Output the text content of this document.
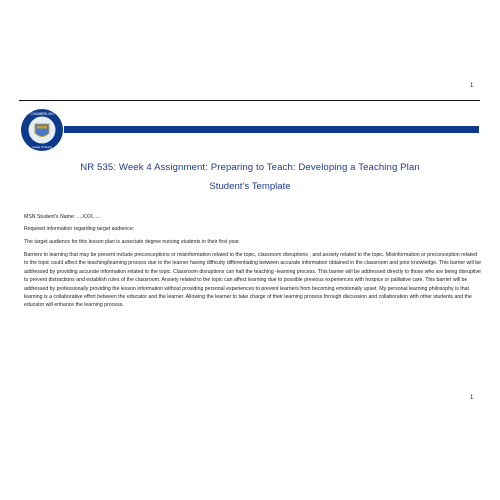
1
CHAMBERLAIN
College of Nursing
NR 535: Week 4 Assignment: Preparing to Teach: Developing a Teaching Plan
Student’s Template
MSN Student’s Name: ....XXX.....
Required information regarding target audience:
The target audience for this lesson plan is associate degree nursing students in their first year.
Barriers to learning that may be present include preconceptions or misinformation related to the topic, classroom disruptions , and anxiety related to the topic. Misinformation or preconception related to the topic could affect the teaching/learning process due to the learner having difficulty differentiating between accurate information obtained in the classroom and prior knowledge. This barrier will be addressed by providing accurate information related to the topic. Classroom disruptions can halt the teaching -learning process. This barrier will be addressed directly to those who are being disruptive to prevent distractions and establish rules of the classroom. Anxiety related to the topic can affect learning due to possible previous experiences with hospice or palliative care. This barrier will be addressed by professionally providing the lesson information without providing personal experiences to prevent learners from becoming emotionally upset. My personal learning philosophy is that learning is a collaborative effort between the educator and the learner. Allowing the learner to take charge of their learning process through discussion and collaboration with other students and the educator will enhance the learning process.
1
